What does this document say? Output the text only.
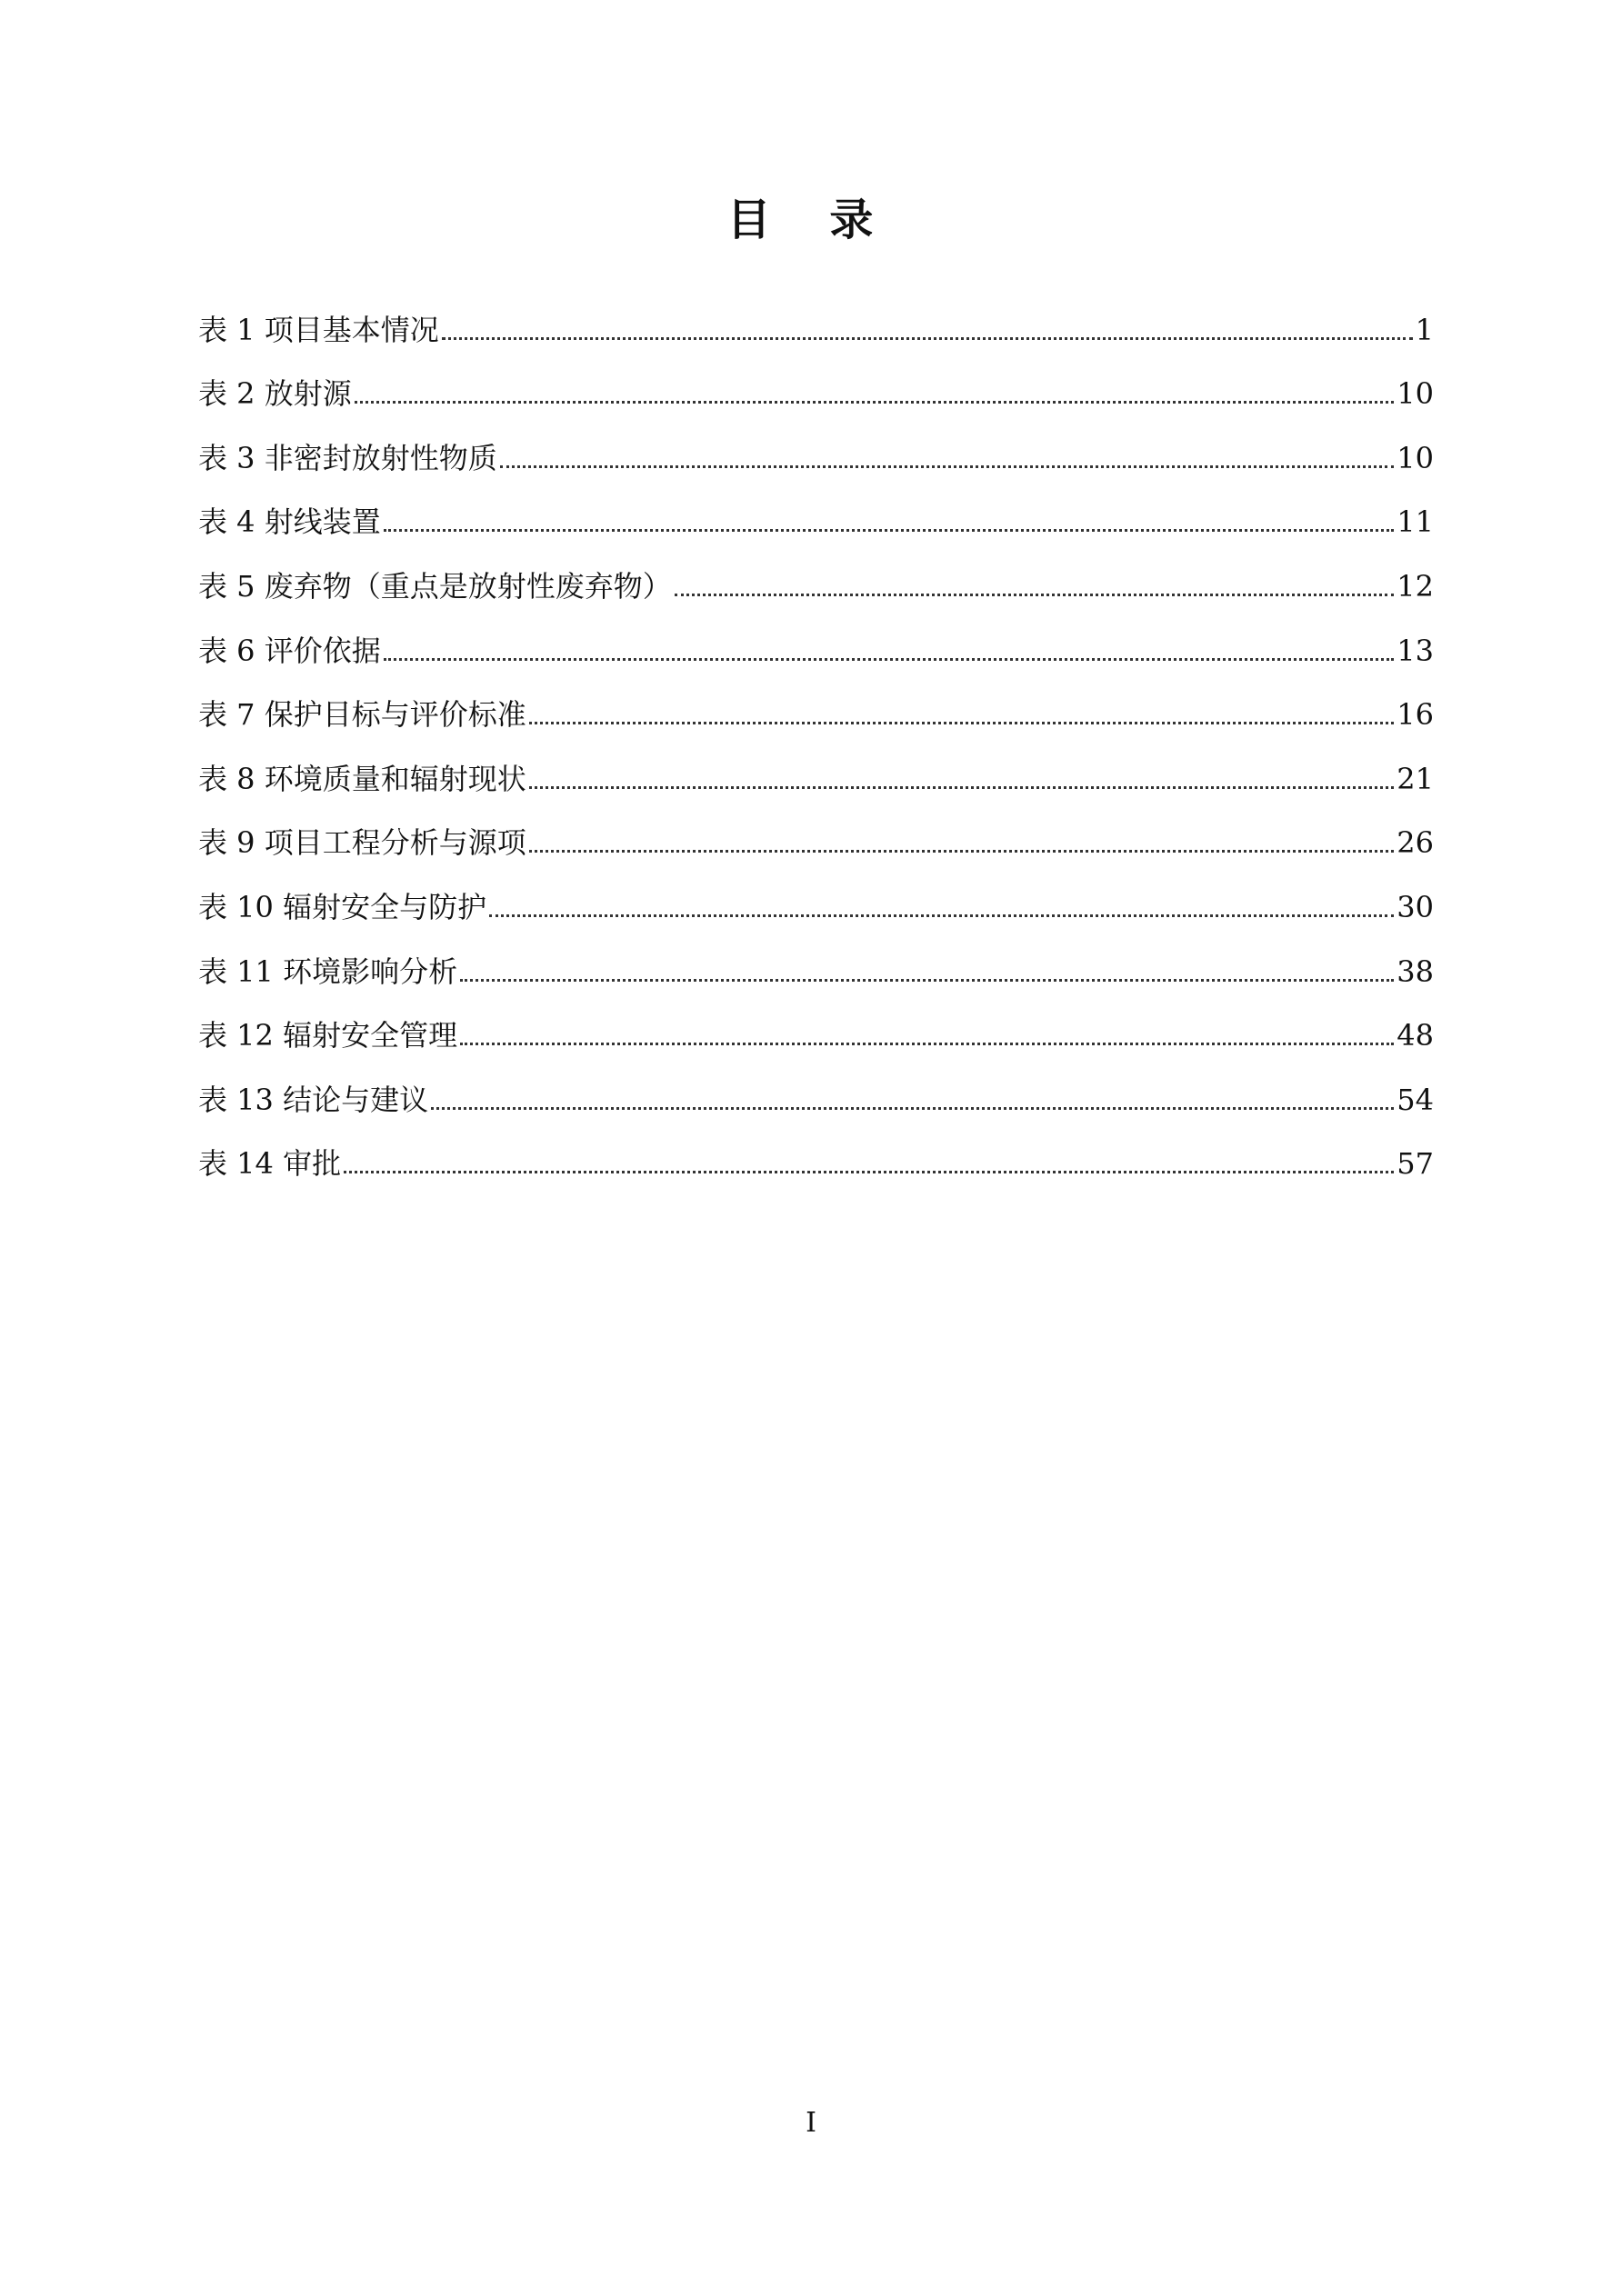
目 录
表 1 项目基本情况	1
表 2 放射源	10
表 3 非密封放射性物质	10
表 4 射线装置	11
表 5 废弃物（重点是放射性废弃物）	12
表 6 评价依据	13
表 7 保护目标与评价标准	16
表 8 环境质量和辐射现状	21
表 9 项目工程分析与源项	26
表 10 辐射安全与防护	30
表 11 环境影响分析	38
表 12 辐射安全管理	48
表 13 结论与建议	54
表 14 审批	57
I
